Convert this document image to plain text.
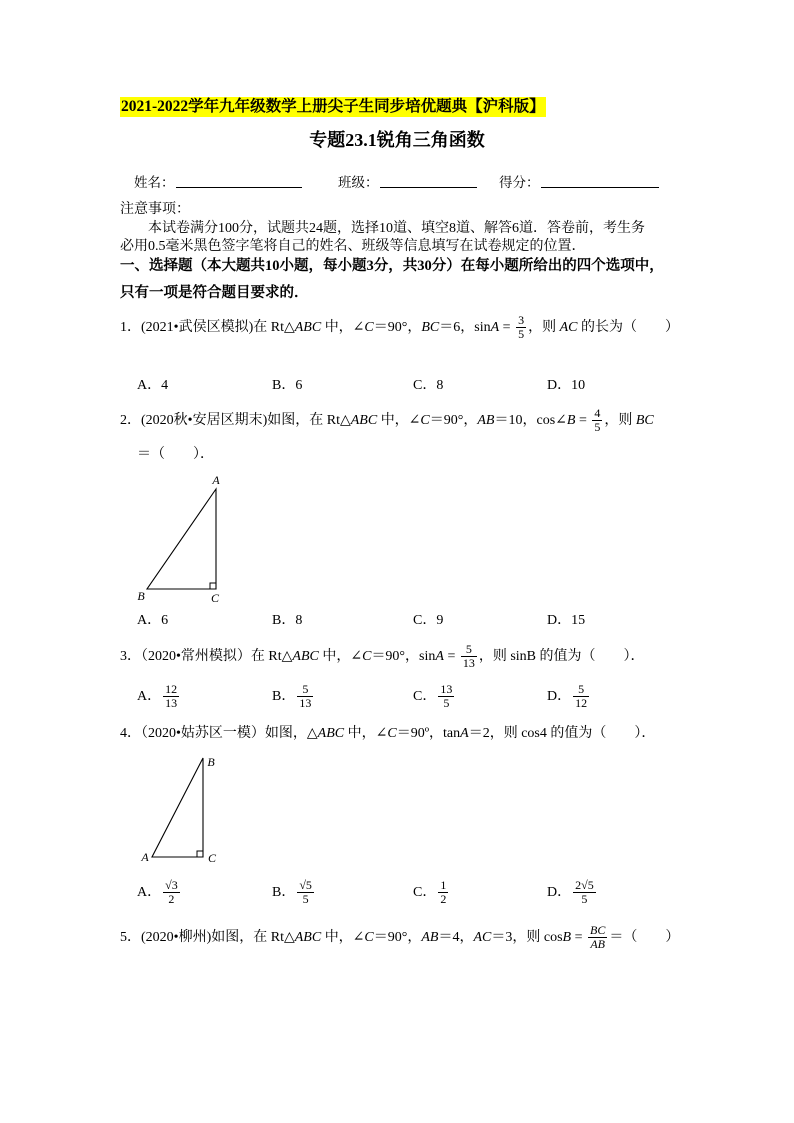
2021-2022学年九年级数学上册尖子生同步培优题典【沪科版】
专题23.1锐角三角函数

姓名：

	班级：

	得分：

注意事项：
本试卷满分100分，试题共24题，选择10道、填空8道、解答6道．答卷前，考生务
必用0.5毫米黑色签字笔将自己的姓名、班级等信息填写在试卷规定的位置．
一、选择题（本大题共10小题，每小题3分，共30分）在每小题所给出的四个选项中，
只有一项是符合题目要求的．
1．(2021•武侯区模拟)在 Rt△ABC 中，∠C＝90°，BC＝6，$\sin A = \frac{3}{5}$ ，则 AC 的长为（　　）

A．4

	B．6

	C．8

	D．10

2．(2020秋•安居区期末)如图，在 Rt△ABC 中，∠C＝90°，AB＝10，cos∠B = $\frac{4}{5}$ ，则 BC
＝（　　）．
A
B	C

A．6

	B．8

	C．9

	D．15

3．（2020•常州模拟）在 Rt△ABC 中，∠C＝90°，$\sin A = \frac{5}{13}$ ，则 sinB 的值为（　　）．

A． $\frac{12}{13}$

	B． $\frac{5}{13}$

	C． $\frac{13}{5}$

	D． $\frac{5}{12}$

4．（2020•姑苏区一模）如图，△ABC 中，∠C＝90º，tanA＝2，则 cos4 的值为（　　）．
B
A	C

A． $\frac{√3}{2}$

	B． $\frac{√5}{5}$

	C． $\frac{1}{2}$

	D． $\frac{2√5}{5}$

5．(2020•柳州)如图，在 Rt△ABC 中，∠C＝90°，AB＝4，AC＝3，则 $\cos B = \frac{BC}{AB}$ ＝（　　）
